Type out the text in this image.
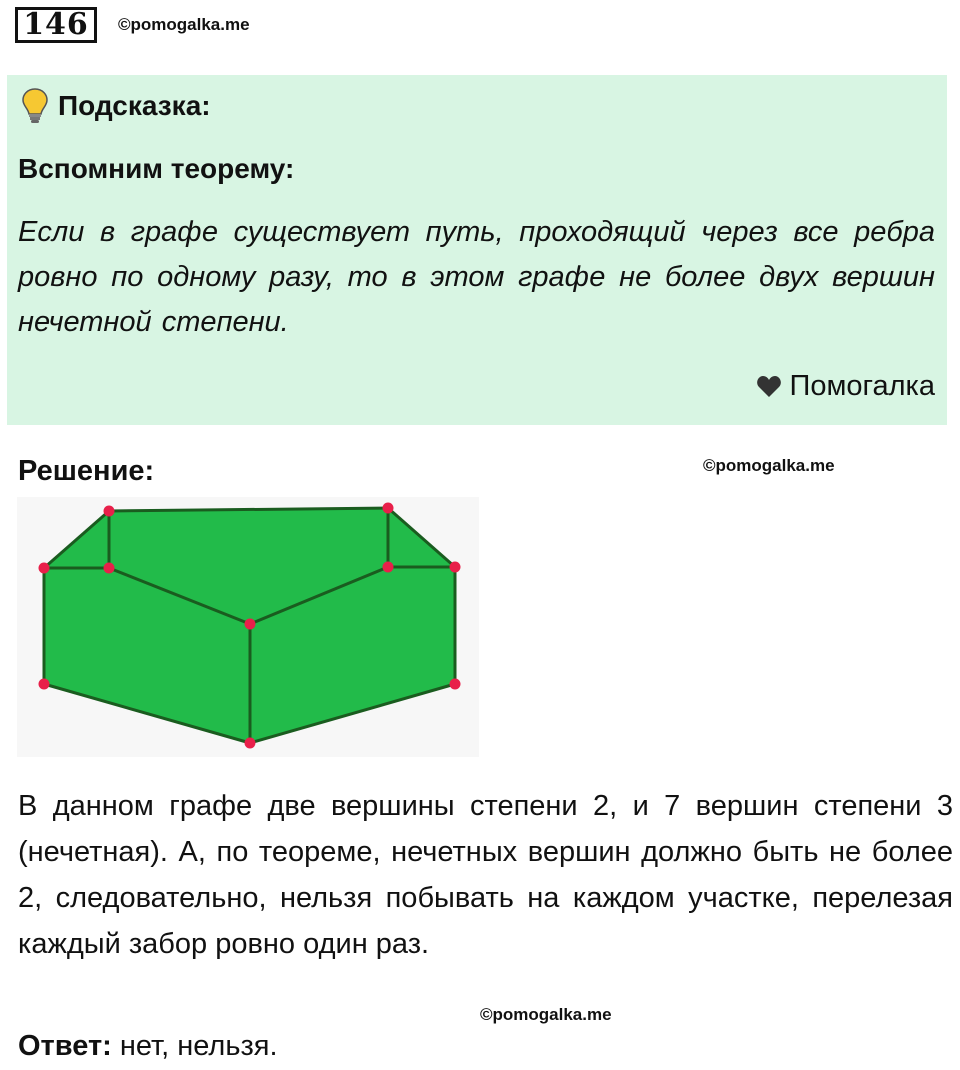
146	©pomogalka.me
Подсказка:
Вспомним теорему:
Если в графе существует путь, проходящий через все ребра ровно по одному разу, то в этом графе не более двух вершин нечетной степени.
Помогалка
Решение:	©pomogalka.me
В данном графе две вершины степени 2, и 7 вершин степени 3 (нечетная). А, по теореме, нечетных вершин должно быть не более 2, следовательно, нельзя побывать на каждом участке, перелезая каждый забор ровно один раз.
©pomogalka.me
Ответ: нет, нельзя.
